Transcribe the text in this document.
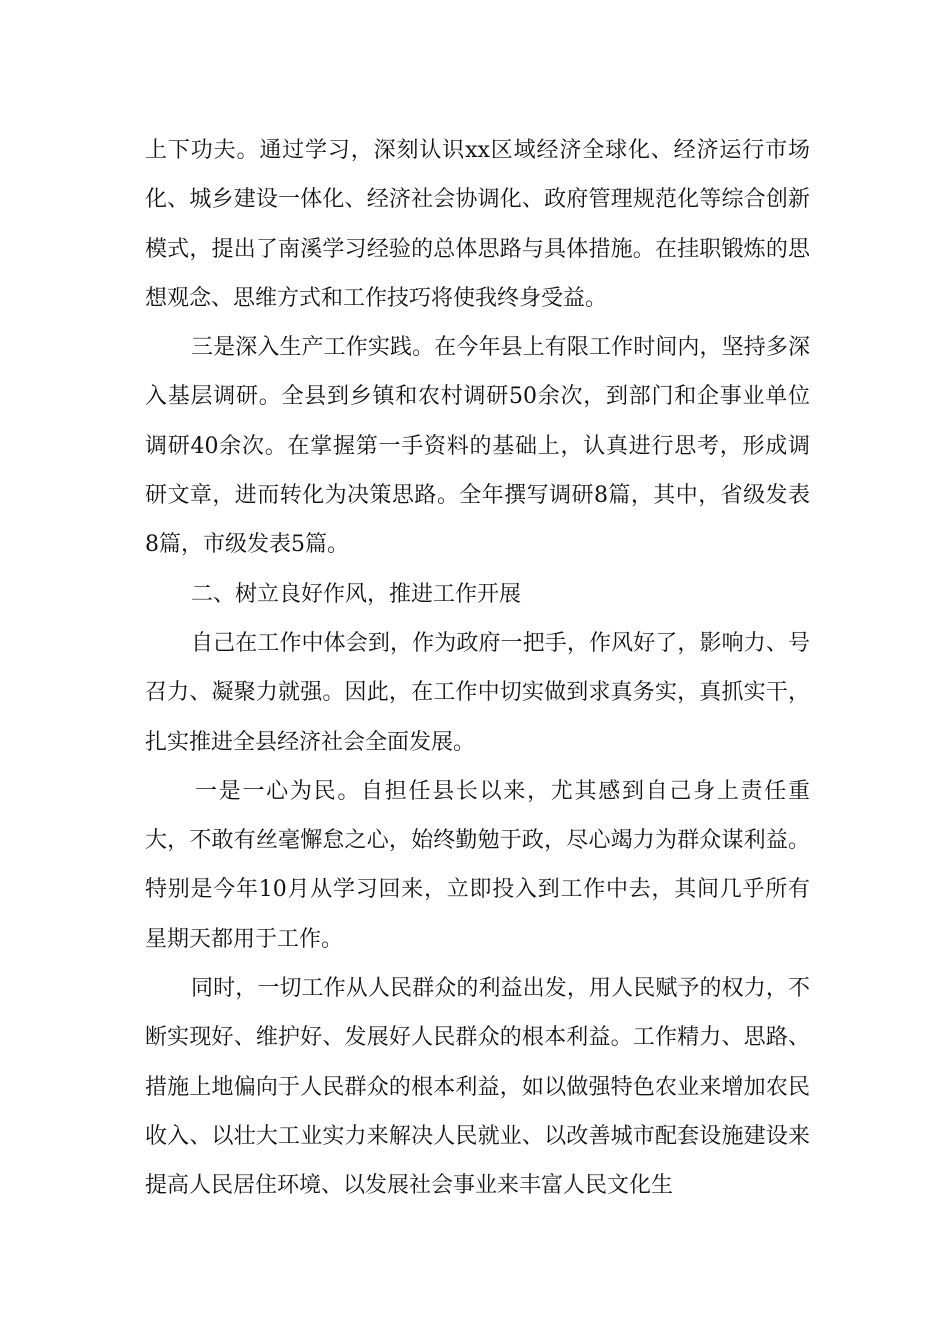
上下功夫。通过学习，深刻认识xx区域经济全球化、经济运行市场化、城乡建设一体化、经济社会协调化、政府管理规范化等综合创新模式，提出了南溪学习经验的总体思路与具体措施。在挂职锻炼的思想观念、思维方式和工作技巧将使我终身受益。

三是深入生产工作实践。在今年县上有限工作时间内，坚持多深入基层调研。全县到乡镇和农村调研50余次，到部门和企事业单位调研40余次。在掌握第一手资料的基础上，认真进行思考，形成调研文章，进而转化为决策思路。全年撰写调研8篇，其中，省级发表8篇，市级发表5篇。

二、树立良好作风，推进工作开展

自己在工作中体会到，作为政府一把手，作风好了，影响力、号召力、凝聚力就强。因此，在工作中切实做到求真务实，真抓实干，扎实推进全县经济社会全面发展。

一是一心为民。自担任县长以来，尤其感到自己身上责任重大，不敢有丝毫懈怠之心，始终勤勉于政，尽心竭力为群众谋利益。特别是今年10月从学习回来，立即投入到工作中去，其间几乎所有星期天都用于工作。

同时，一切工作从人民群众的利益出发，用人民赋予的权力，不断实现好、维护好、发展好人民群众的根本利益。工作精力、思路、措施上地偏向于人民群众的根本利益，如以做强特色农业来增加农民收入、以壮大工业实力来解决人民就业、以改善城市配套设施建设来提高人民居住环境、以发展社会事业来丰富人民文化生
